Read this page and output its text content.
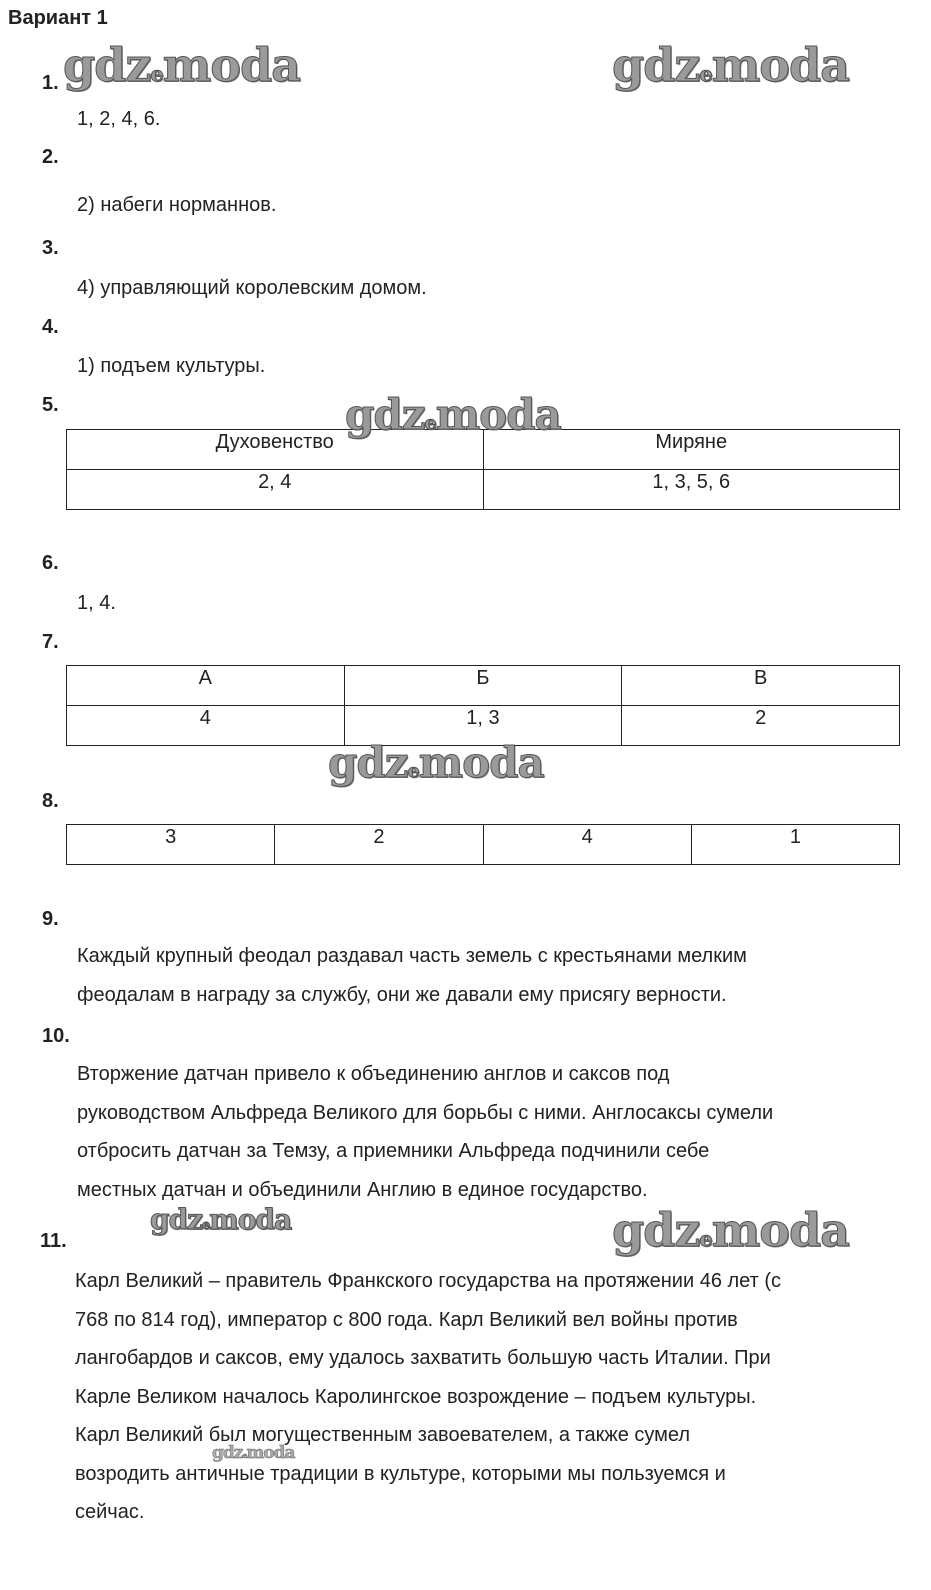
Вариант 1
1.
1, 2, 4, 6.
2.
2) набеги норманнов.
3.
4) управляющий королевским домом.
4.
1) подъем культуры.
5.
Духовенство	Миряне
2, 4	1, 3, 5, 6
6.
1, 4.
7.
А	Б	В
4	1, 3	2
8.
3	2	4	1
9.
Каждый крупный феодал раздавал часть земель с крестьянами мелким
феодалам в награду за службу, они же давали ему присягу верности.
10.
Вторжение датчан привело к объединению англов и саксов под
руководством Альфреда Великого для борьбы с ними. Англосаксы сумели
отбросить датчан за Темзу, а приемники Альфреда подчинили себе
местных датчан и объединили Англию в единое государство.
11.
Карл Великий – правитель Франкского государства на протяжении 46 лет (с
768 по 814 год), император с 800 года. Карл Великий вел войны против
лангобардов и саксов, ему удалось захватить большую часть Италии. При
Карле Великом началось Каролингское возрождение – подъем культуры.
Карл Великий был могущественным завоевателем, а также сумел
возродить античные традиции в культуре, которыми мы пользуемся и
сейчас.
gdzemoda	gdzemoda
gdzemoda
gdzemoda
gdzemoda	gdzemoda
gdzemoda
